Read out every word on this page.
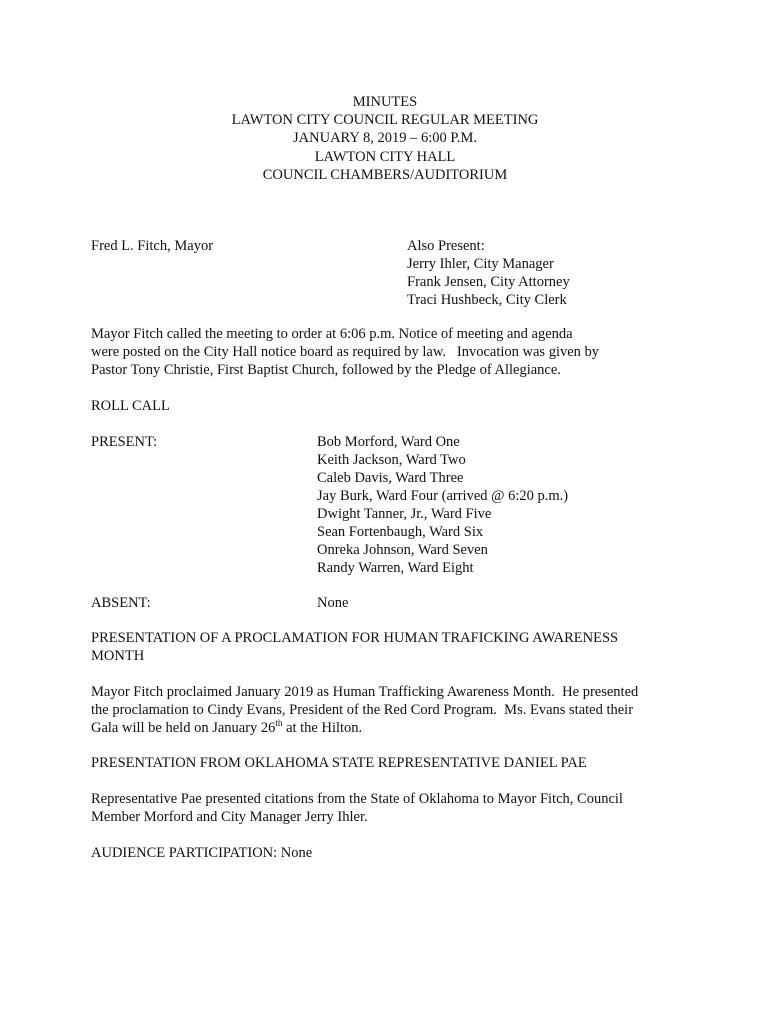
MINUTES
LAWTON CITY COUNCIL REGULAR MEETING
JANUARY 8, 2019 – 6:00 P.M.
LAWTON CITY HALL
COUNCIL CHAMBERS/AUDITORIUM
Fred L. Fitch, Mayor	Also Present:
Jerry Ihler, City Manager
Frank Jensen, City Attorney
Traci Hushbeck, City Clerk
Mayor Fitch called the meeting to order at 6:06 p.m. Notice of meeting and agenda
were posted on the City Hall notice board as required by law.   Invocation was given by
Pastor Tony Christie, First Baptist Church, followed by the Pledge of Allegiance.
ROLL CALL
PRESENT:	Bob Morford, Ward One
Keith Jackson, Ward Two
Caleb Davis, Ward Three
Jay Burk, Ward Four (arrived @ 6:20 p.m.)
Dwight Tanner, Jr., Ward Five
Sean Fortenbaugh, Ward Six
Onreka Johnson, Ward Seven
Randy Warren, Ward Eight
ABSENT:	None
PRESENTATION OF A PROCLAMATION FOR HUMAN TRAFICKING AWARENESS
MONTH
Mayor Fitch proclaimed January 2019 as Human Trafficking Awareness Month.  He presented
the proclamation to Cindy Evans, President of the Red Cord Program.  Ms. Evans stated their
Gala will be held on January 26th at the Hilton.
PRESENTATION FROM OKLAHOMA STATE REPRESENTATIVE DANIEL PAE
Representative Pae presented citations from the State of Oklahoma to Mayor Fitch, Council
Member Morford and City Manager Jerry Ihler.
AUDIENCE PARTICIPATION: None
